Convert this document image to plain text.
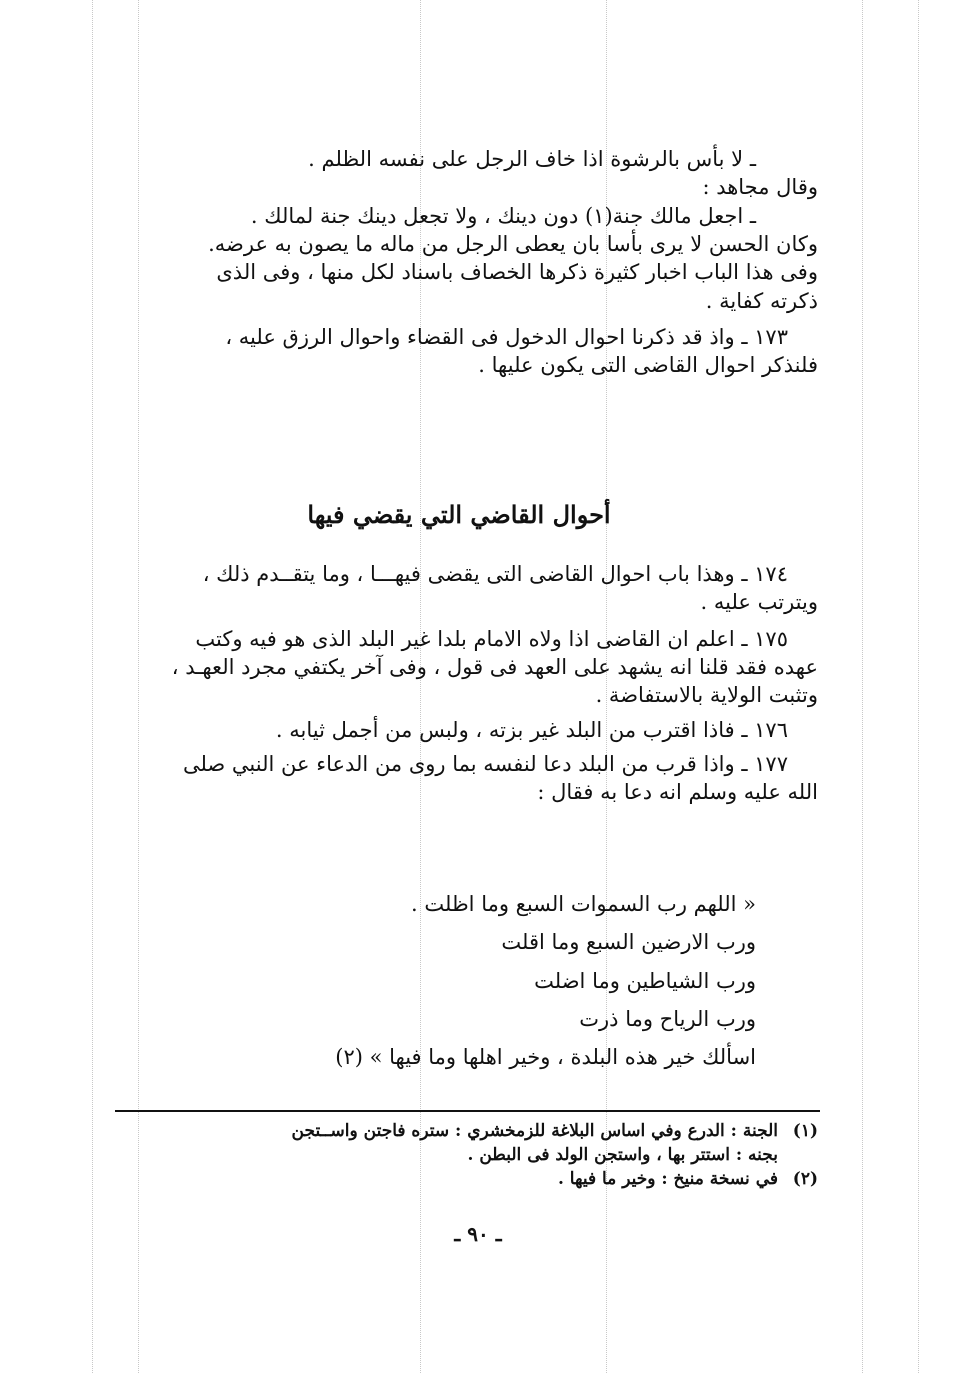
ـ لا بأس بالرشوة اذا خاف الرجل على نفسه الظلم .

وقال مجاهد :

ـ اجعل مالك جنة(١) دون دينك ، ولا تجعل دينك جنة لمالك .

وكان الحسن لا يرى بأسا بان يعطى الرجل من ماله ما يصون به عرضه.

وفى هذا الباب اخبار كثيرة ذكرها الخصاف باسناد لكل منها ، وفى الذى

ذكرته كفاية .

١٧٣ ـ واذ قد ذكرنا احوال الدخول فى القضاء واحوال الرزق عليه ،

فلنذكر احوال القاضى التى يكون عليها .

أحوال القاضي التي يقضي فيها

١٧٤ ـ وهذا باب احوال القاضى التى يقضى فيهـــا ، وما يتقــدم ذلك ،

ويترتب عليه .

١٧٥ ـ اعلم ان القاضى اذا ولاه الامام بلدا غير البلد الذى هو فيه وكتب

عهده فقد قلنا انه يشهد على العهد فى قول ، وفى آخر يكتفي مجرد العهـد ،

وتثبت الولاية بالاستفاضة .

١٧٦ ـ فاذا اقترب من البلد غير بزته ، ولبس من أجمل ثيابه .

١٧٧ ـ واذا قرب من البلد دعا لنفسه بما روى من الدعاء عن النبي صلى

الله عليه وسلم انه دعا به فقال :

« اللهم رب السموات السبع وما اظلت .

ورب الارضين السبع وما اقلت

ورب الشياطين وما اضلت

ورب الرياح وما ذرت

اسألك خير هذه البلدة ، وخير اهلها وما فيها » (٢)

(١)
الجنة : الدرع وفي اساس البلاغة للزمخشري : ستره فاجتن واســتجن
بجنه : استتر بها ، واستجن الولد فى البطن .
(٢)
في نسخة منيخ : وخير ما فيها .
ـ ٩٠ ـ
